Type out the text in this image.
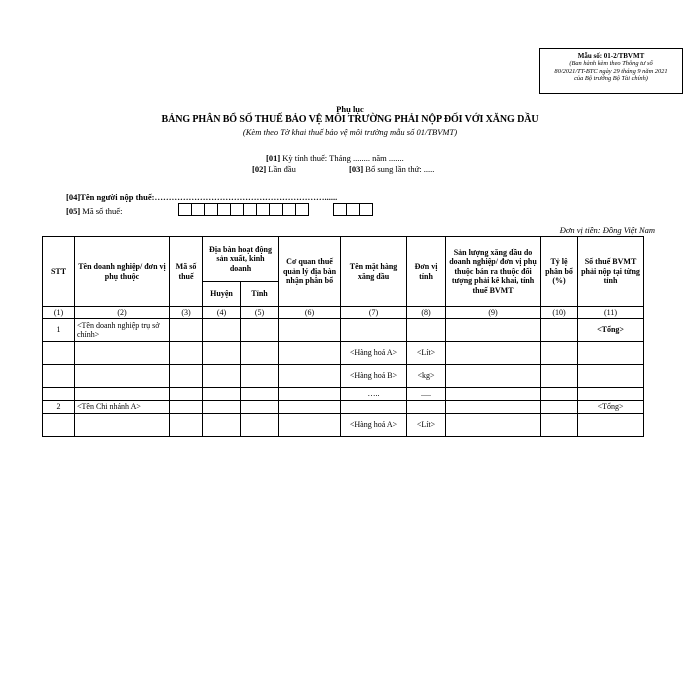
Mẫu số: 01-2/TBVMT
(Ban hành kèm theo Thông tư số
80/2021/TT-BTC ngày 29 tháng 9 năm 2021
của Bộ trưởng Bộ Tài chính)
Phụ lục
BẢNG PHÂN BỔ SỐ THUẾ BẢO VỆ MÔI TRƯỜNG PHẢI NỘP ĐỐI VỚI XĂNG DẦU
(Kèm theo Tờ khai thuế bảo vệ môi trường mẫu số 01/TBVMT)
[01] Kỳ tính thuế: Tháng ........ năm .......
[02] Lần đầu	[03] Bổ sung lần thứ: .....
[04]Tên người nộp thuế:……………………………………………………......
[05] Mã số thuế:
Đơn vị tiền: Đồng Việt Nam
STT	Tên doanh nghiệp/ đơn vị phụ thuộc	Mã số thuế	Địa bàn hoạt động sản xuất, kinh doanh		Cơ quan thuế quản lý địa bàn nhận phân bổ	Tên mặt hàng xăng dầu	Đơn vị tính	Sản lượng xăng dầu do doanh nghiệp/ đơn vị phụ thuộc bán ra thuộc đối tượng phải kê khai, tính thuế BVMT	Tỷ lệ phân bổ (%)	Số thuế BVMT phải nộp tại từng tỉnh
			Huyện	Tỉnh						
(1)	(2)	(3)	(4)	(5)	(6)	(7)	(8)	(9)	(10)	(11)
1	<Tên doanh nghiệp trụ sở chính>									<Tổng>
						<Hàng hoá A>	<Lít>			
						<Hàng hoá B>	<kg>			
						…..	.....			
2	<Tên Chi nhánh A>									<Tổng>
						<Hàng hoá A>	<Lít>			
